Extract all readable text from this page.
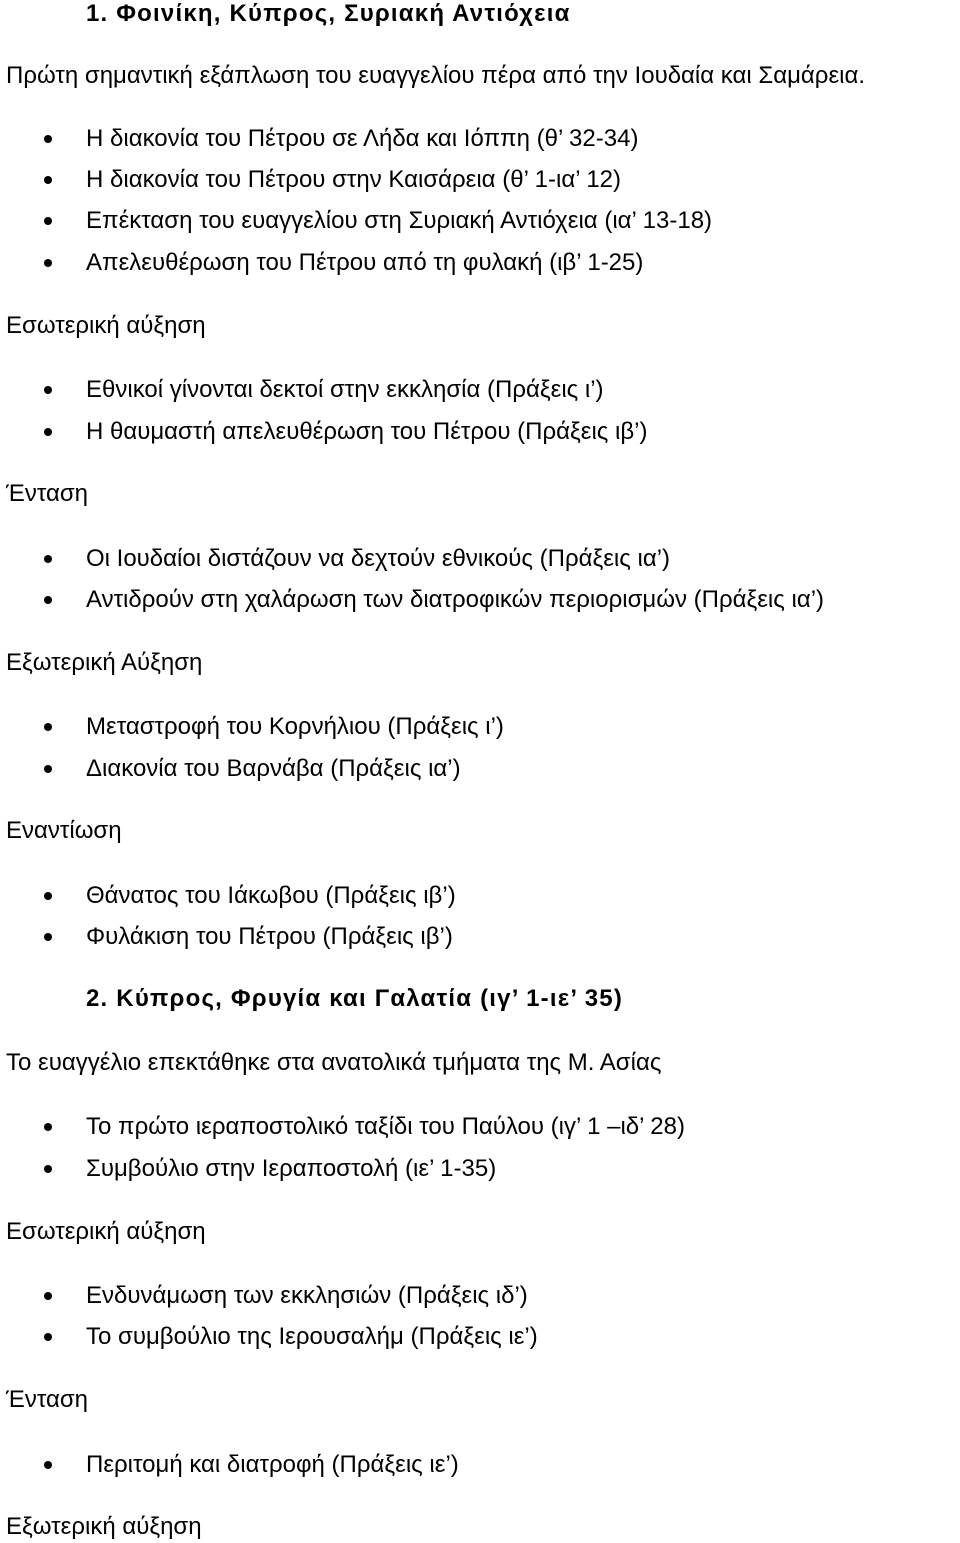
1. Φοινίκη, Κύπρος, Συριακή Αντιόχεια
Πρώτη σημαντική εξάπλωση του ευαγγελίου πέρα από την Ιουδαία και Σαμάρεια.
Η διακονία του Πέτρου σε Λήδα και Ιόππη (θ’ 32-34)
Η διακονία του Πέτρου στην Καισάρεια (θ’ 1-ια’ 12)
Επέκταση του ευαγγελίου στη Συριακή Αντιόχεια (ια’ 13-18)
Απελευθέρωση του Πέτρου από τη φυλακή (ιβ’ 1-25)
Εσωτερική αύξηση
Εθνικοί γίνονται δεκτοί στην εκκλησία (Πράξεις ι’)
Η θαυμαστή απελευθέρωση του Πέτρου (Πράξεις ιβ’)
Ένταση
Οι Ιουδαίοι διστάζουν να δεχτούν εθνικούς (Πράξεις ια’)
Αντιδρούν στη χαλάρωση των διατροφικών περιορισμών (Πράξεις ια’)
Εξωτερική Αύξηση
Μεταστροφή του Κορνήλιου (Πράξεις ι’)
Διακονία του Βαρνάβα (Πράξεις ια’)
Εναντίωση
Θάνατος του Ιάκωβου (Πράξεις ιβ’)
Φυλάκιση του Πέτρου (Πράξεις ιβ’)
2. Κύπρος, Φρυγία και Γαλατία (ιγ’ 1-ιε’ 35)
Το ευαγγέλιο επεκτάθηκε στα ανατολικά τμήματα της Μ. Ασίας
Το πρώτο ιεραποστολικό ταξίδι του Παύλου (ιγ’ 1 –ιδ’ 28)
Συμβούλιο στην Ιεραποστολή (ιε’ 1-35)
Εσωτερική αύξηση
Ενδυνάμωση των εκκλησιών (Πράξεις ιδ’)
Το συμβούλιο της Ιερουσαλήμ (Πράξεις ιε’)
Ένταση
Περιτομή και διατροφή (Πράξεις ιε’)
Εξωτερική αύξηση
